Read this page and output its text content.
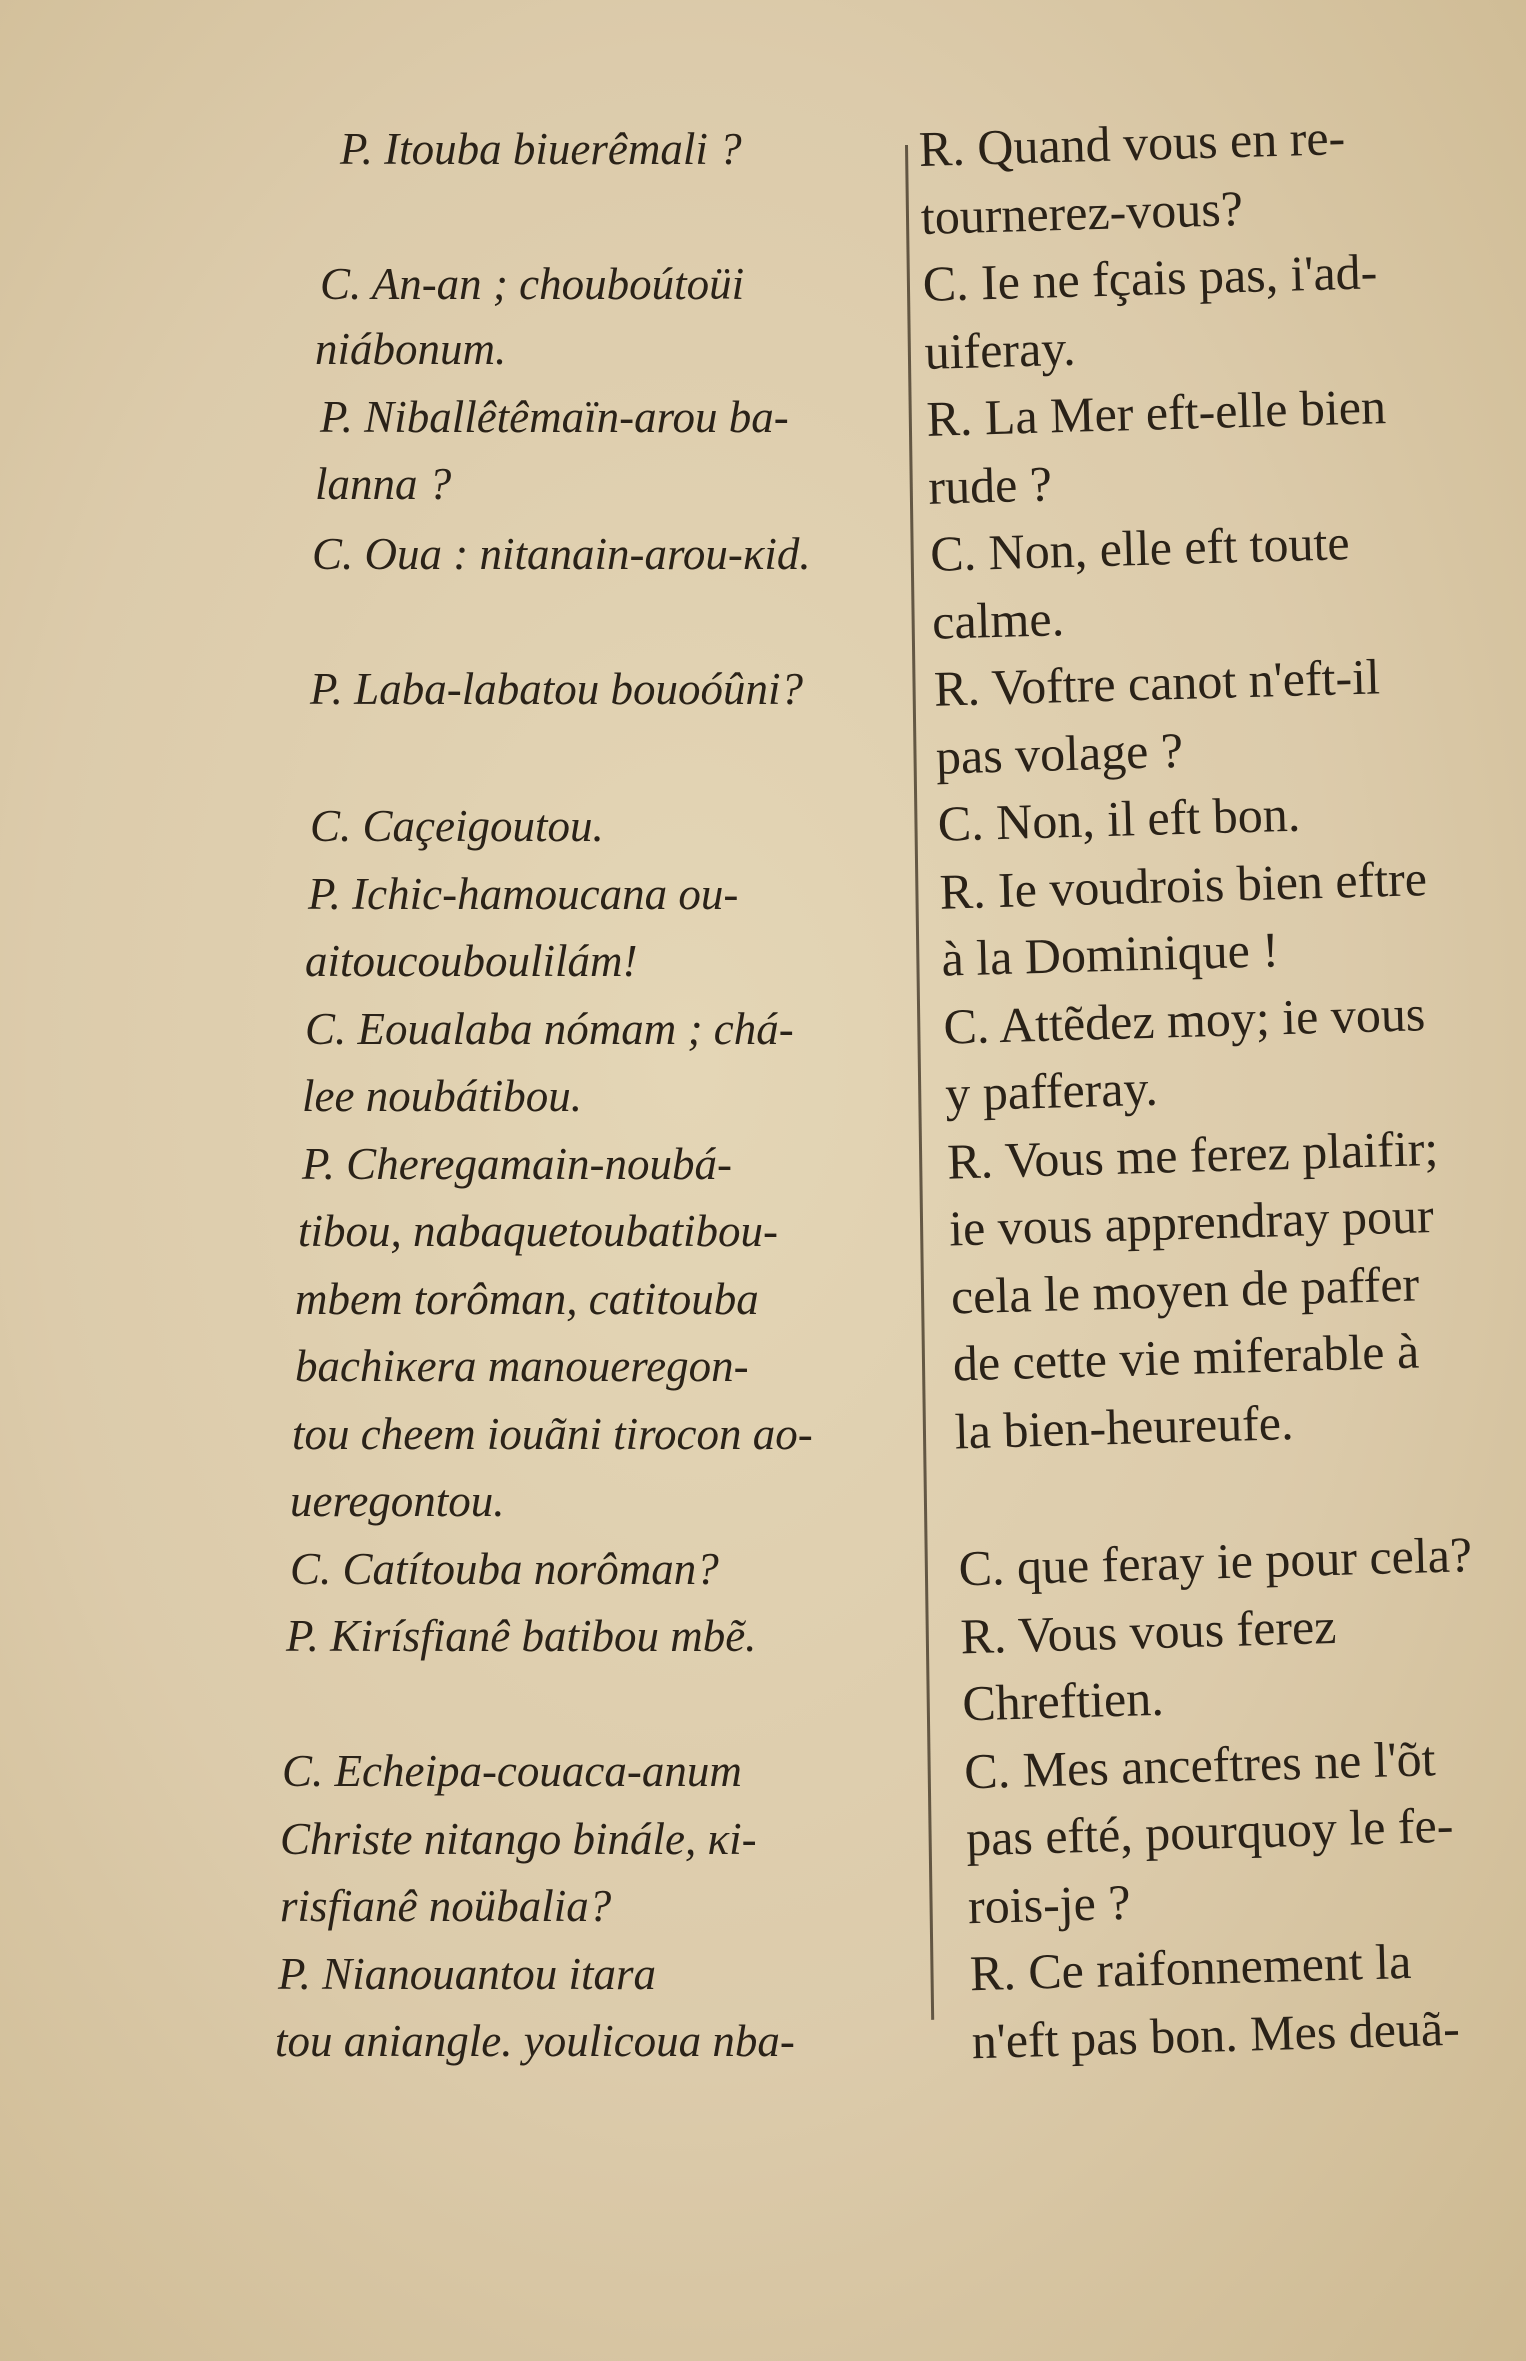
P. Itouba biuerêmali ?
C. An-an ; chouboútoüi
niábonum.
P. Niballêtêmaïn-arou ba-
lanna ?
C. Oua : nitanain-arou-κid.
P. Laba-labatou bouoóûni?
C. Caçeigoutou.
P. Ichic-hamoucana ou-
aitoucouboulilám!
C. Eoualaba nómam ; chá-
lee noubátibou.
P. Cheregamain-noubá-
tibou, nabaquetoubatibou-
mbem torôman, catitouba
bachiκera manoueregon-
tou cheem iouãni tirocon ao-
ueregontou.
C. Catítouba norôman?
P. Kirísfianê batibou mbẽ.
C. Echeipa-couaca-anum
Christe nitango binále, κi-
risfianê noübalia?
P. Nianouantou itara
tou aniangle. youlicoua nba-
R. Quand vous en re-
tournerez-vous?
C. Ie ne fçais pas, i'ad-
uiferay.
R. La Mer eft-elle bien
rude ?
C. Non, elle eft toute
calme.
R. Voftre canot n'eft-il
pas volage ?
C. Non, il eft bon.
R. Ie voudrois bien eftre
à la Dominique !
C. Attẽdez moy; ie vous
y pafferay.
R. Vous me ferez plaifir;
ie vous apprendray pour
cela le moyen de paffer
de cette vie miferable à
la bien-heureufe.
C. que feray ie pour cela?
R. Vous vous ferez
Chreftien.
C. Mes anceftres ne l'õt
pas efté, pourquoy le fe-
rois-je ?
R. Ce raifonnement la
n'eft pas bon. Mes deuã-
